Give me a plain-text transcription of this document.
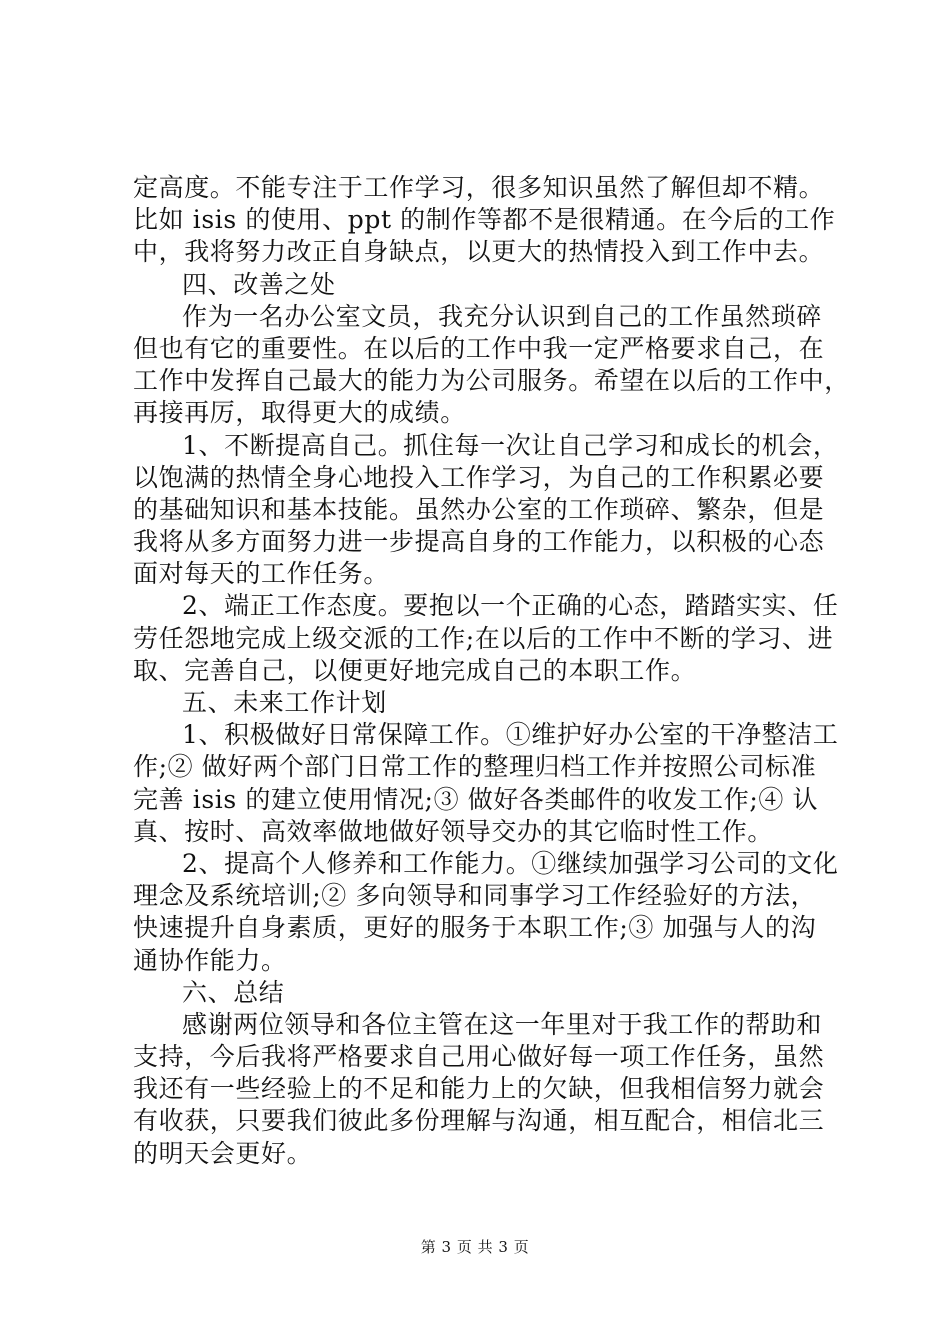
定高度。不能专注于工作学习，很多知识虽然了解但却不精。
比如 isis 的使用、ppt 的制作等都不是很精通。在今后的工作
中，我将努力改正自身缺点，以更大的热情投入到工作中去。
四、改善之处
作为一名办公室文员，我充分认识到自己的工作虽然琐碎
但也有它的重要性。在以后的工作中我一定严格要求自己，在
工作中发挥自己最大的能力为公司服务。希望在以后的工作中，
再接再厉，取得更大的成绩。
1、不断提高自己。抓住每一次让自己学习和成长的机会，
以饱满的热情全身心地投入工作学习，为自己的工作积累必要
的基础知识和基本技能。虽然办公室的工作琐碎、繁杂，但是
我将从多方面努力进一步提高自身的工作能力，以积极的心态
面对每天的工作任务。
2、端正工作态度。要抱以一个正确的心态，踏踏实实、任
劳任怨地完成上级交派的工作;在以后的工作中不断的学习、进
取、完善自己，以便更好地完成自己的本职工作。
五、未来工作计划
1、积极做好日常保障工作。①维护好办公室的干净整洁工
作;② 做好两个部门日常工作的整理归档工作并按照公司标准
完善 isis 的建立使用情况;③ 做好各类邮件的收发工作;④ 认
真、按时、高效率做地做好领导交办的其它临时性工作。
2、提高个人修养和工作能力。①继续加强学习公司的文化
理念及系统培训;② 多向领导和同事学习工作经验好的方法，
快速提升自身素质，更好的服务于本职工作;③ 加强与人的沟
通协作能力。
六、总结
感谢两位领导和各位主管在这一年里对于我工作的帮助和
支持，今后我将严格要求自己用心做好每一项工作任务，虽然
我还有一些经验上的不足和能力上的欠缺，但我相信努力就会
有收获，只要我们彼此多份理解与沟通，相互配合，相信北三
的明天会更好。
第 3 页 共 3 页
